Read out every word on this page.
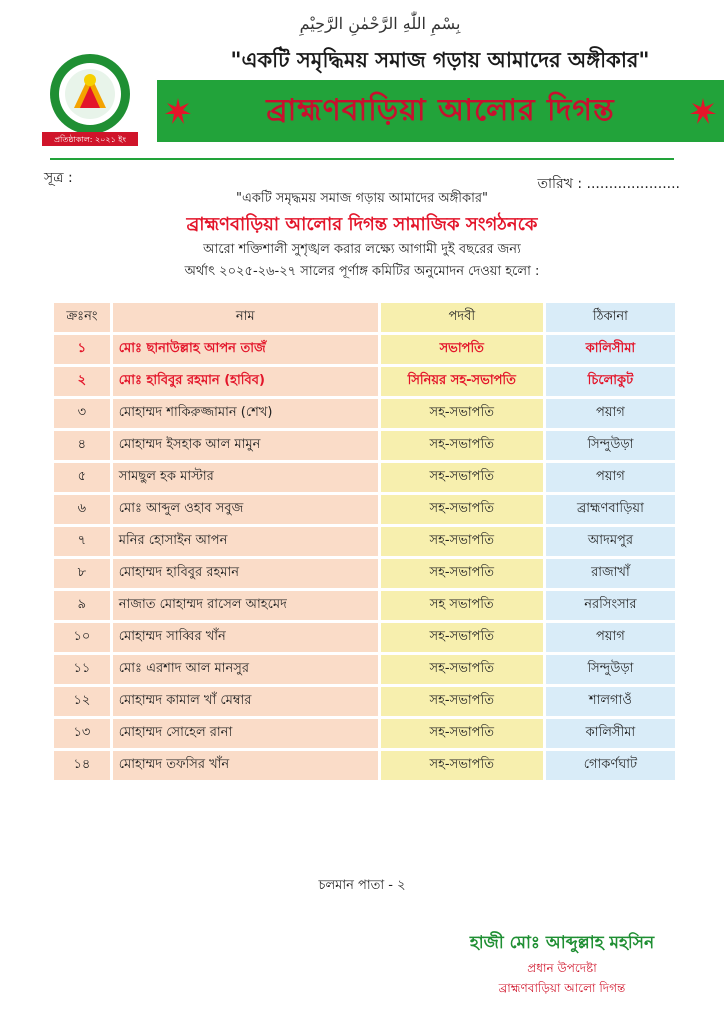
بِسْمِ اللّٰهِ الرَّحْمٰنِ الرَّحِيْمِ
প্রতিষ্ঠাকাল: ২০২১ ইং
"একটি সমৃদ্ধিময় সমাজ গড়ায় আমাদের অঙ্গীকার"
ব্রাহ্মণবাড়িয়া আলোর দিগন্ত
সূত্র :	তারিখ : .....................
"একটি সমৃদ্ধময় সমাজ গড়ায় আমাদের অঙ্গীকার"
ব্রাহ্মণবাড়িয়া আলোর দিগন্ত সামাজিক সংগঠনকে
আরো শক্তিশালী সুশৃঙ্খল করার লক্ষ্যে আগামী দুই বছরের জন্য
অর্থাৎ ২০২৫-২৬-২৭ সালের পূর্ণাঙ্গ কমিটির অনুমোদন দেওয়া হলো :
ক্রঃনং	নাম	পদবী	ঠিকানা
১	মোঃ ছানাউল্লাহ আপন তাজঁ	সভাপতি	কালিসীমা
২	মোঃ হাবিবুর রহমান (হাবিব)	সিনিয়র সহ-সভাপতি	চিলোকুট
৩	মোহাম্মদ শাকিরুজ্জামান (শেখ)	সহ-সভাপতি	পয়াগ
৪	মোহাম্মদ ইসহাক আল মামুন	সহ-সভাপতি	সিন্দুউড়া
৫	সামছুল হক মাস্টার	সহ-সভাপতি	পয়াগ
৬	মোঃ আব্দুল ওহাব সবুজ	সহ-সভাপতি	ব্রাহ্মণবাড়িয়া
৭	মনির হোসাইন আপন	সহ-সভাপতি	আদমপুর
৮	মোহাম্মদ হাবিবুর রহমান	সহ-সভাপতি	রাজাখাঁ
৯	নাজাত মোহাম্মদ রাসেল আহমেদ	সহ সভাপতি	নরসিংসার
১০	মোহাম্মদ সাব্বির খাঁন	সহ-সভাপতি	পয়াগ
১১	মোঃ এরশাদ আল মানসুর	সহ-সভাপতি	সিন্দুউড়া
১২	মোহাম্মদ কামাল খাঁ মেম্বার	সহ-সভাপতি	শালগাওঁ
১৩	মোহাম্মদ সোহেল রানা	সহ-সভাপতি	কালিসীমা
১৪	মোহাম্মদ তফসির খাঁন	সহ-সভাপতি	গোকর্ণঘাট
চলমান পাতা - ২
হাজী মোঃ আব্দুল্লাহ মহসিন
প্রধান উপদেষ্টা
ব্রাহ্মণবাড়িয়া আলো দিগন্ত
